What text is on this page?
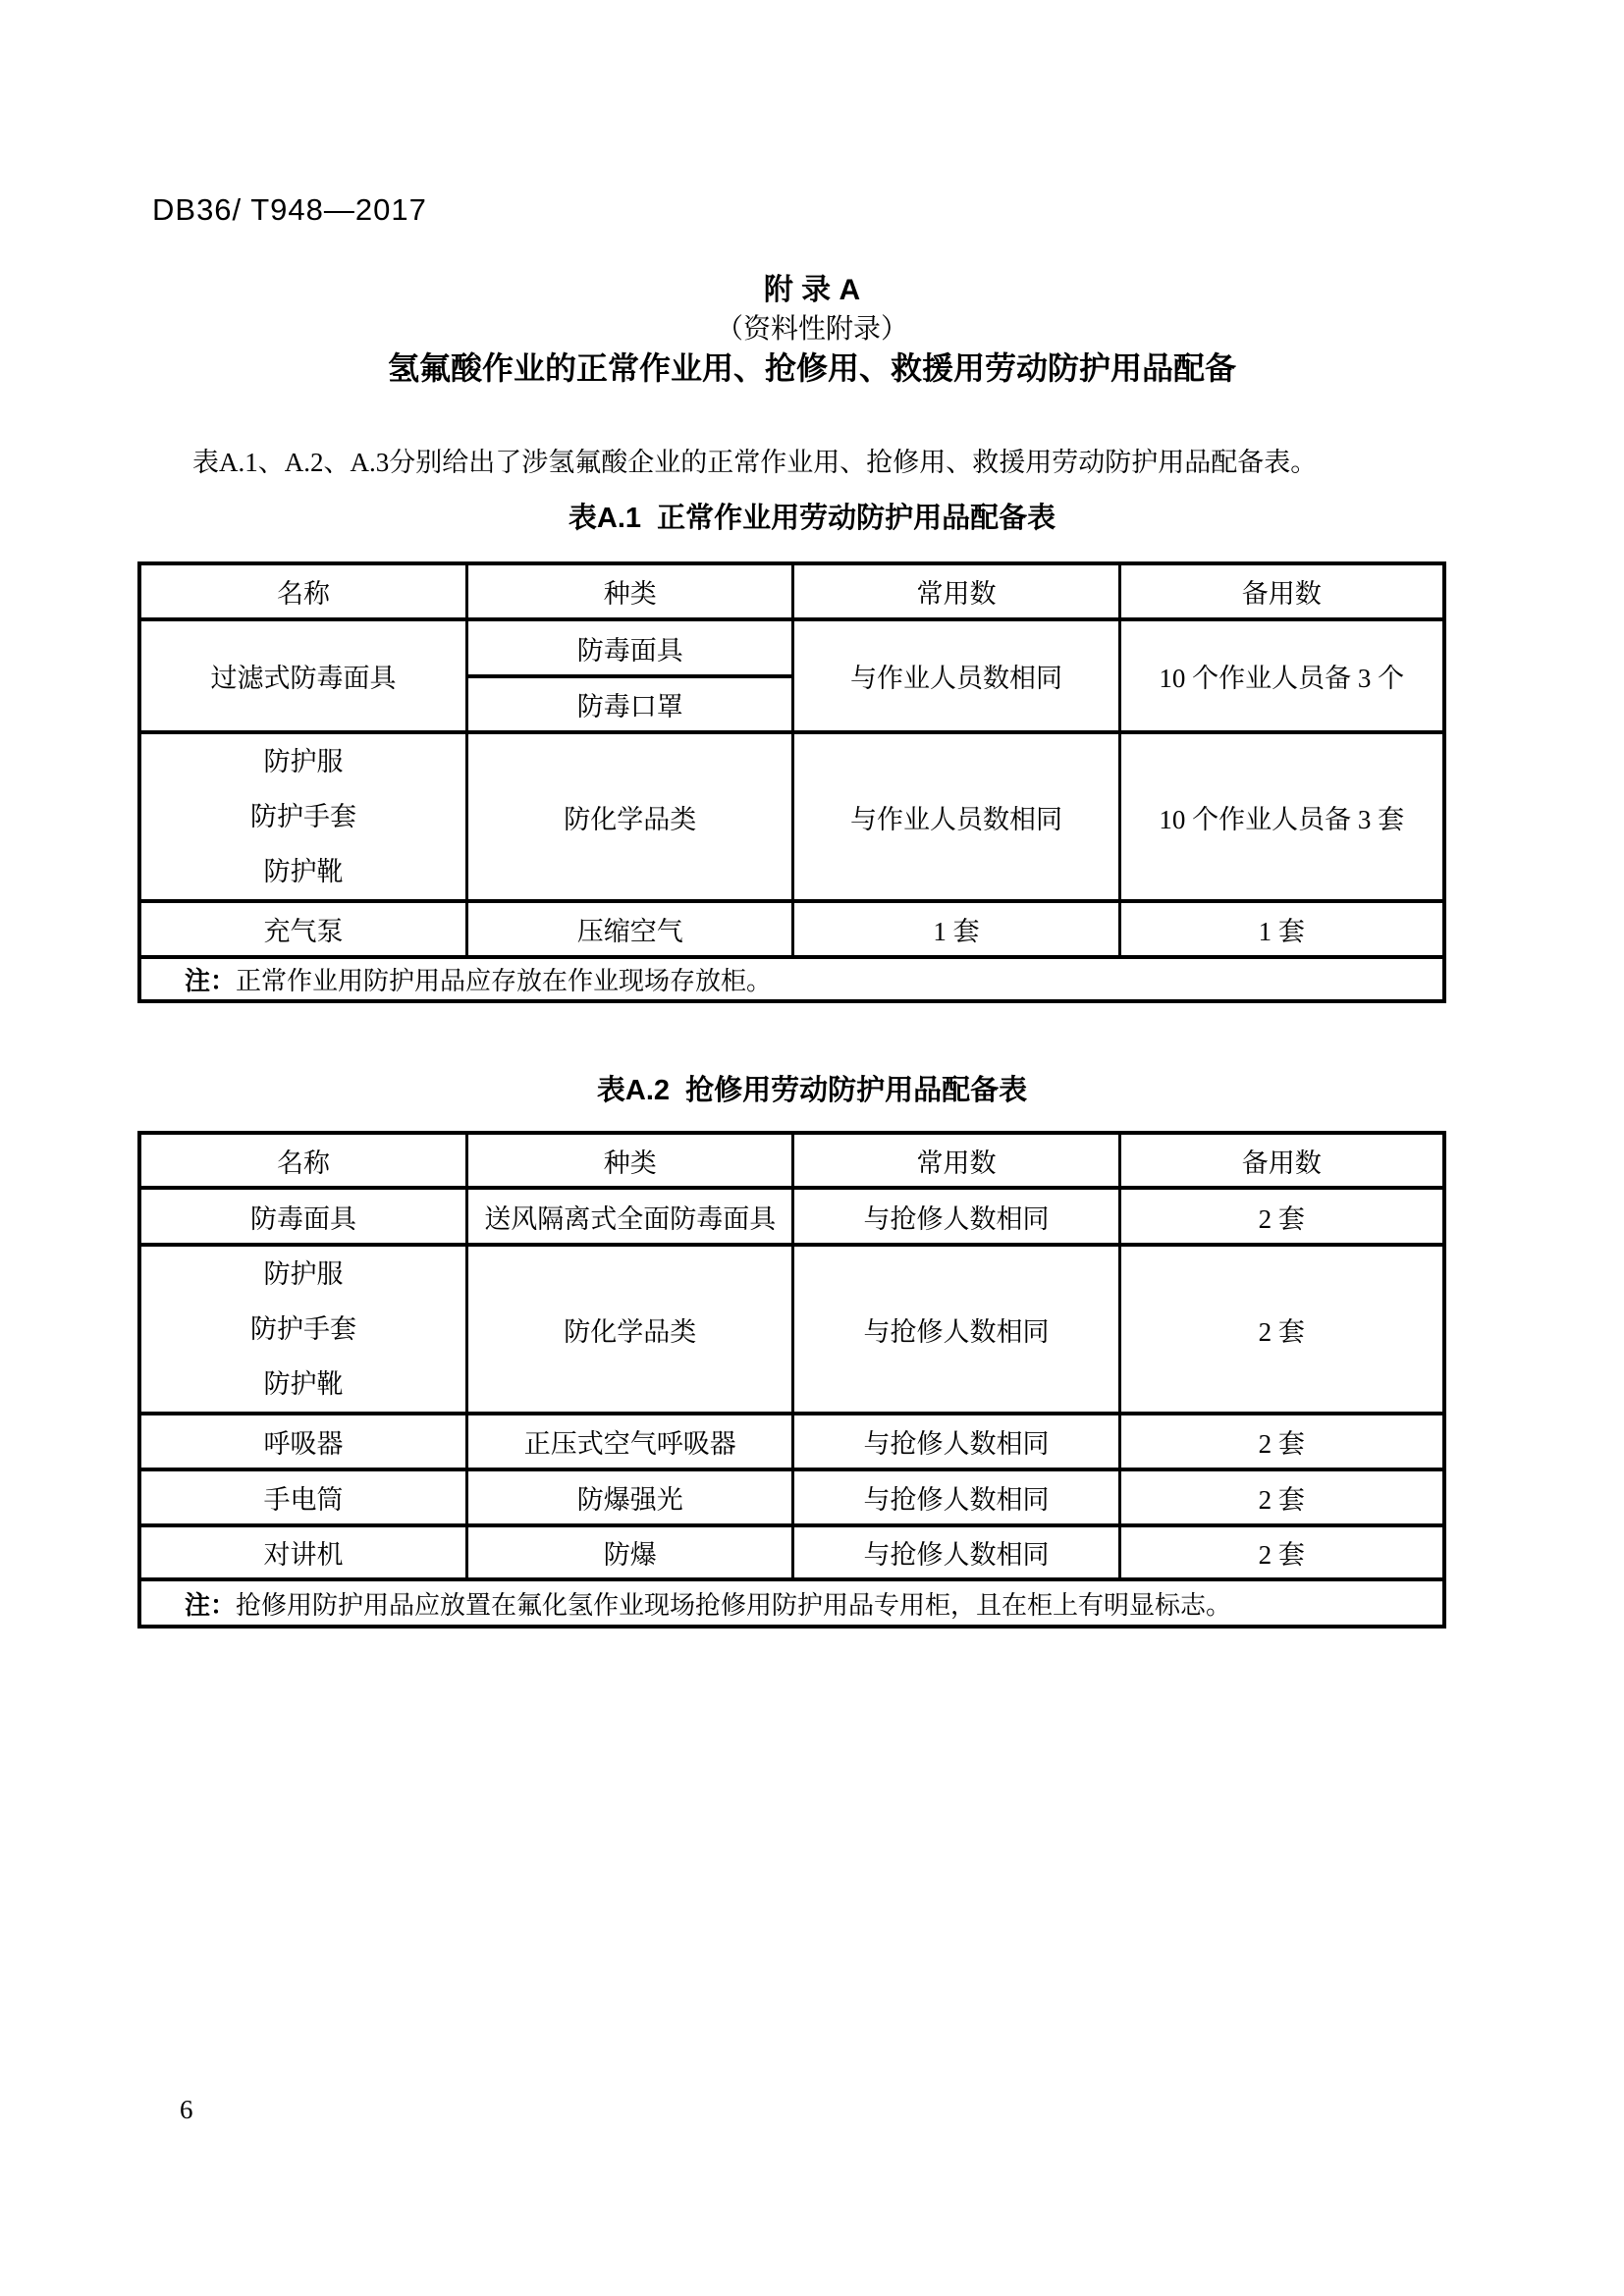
DB36/ T948—2017
附 录 A
（资料性附录）
氢氟酸作业的正常作业用、抢修用、救援用劳动防护用品配备

表A.1、A.2、A.3分别给出了涉氢氟酸企业的正常作业用、抢修用、救援用劳动防护用品配备表。

表A.1  正常作业用劳动防护用品配备表
名称	种类	常用数	备用数
过滤式防毒面具	防毒面具	与作业人员数相同	10 个作业人员备 3 个
	防毒口罩		

防护服
防护手套
防护靴	防化学品类	与作业人员数相同	10 个作业人员备 3 套
充气泵	压缩空气	1 套	1 套
注：正常作业用防护用品应存放在作业现场存放柜。			
表A.2  抢修用劳动防护用品配备表
名称	种类	常用数	备用数
防毒面具	送风隔离式全面防毒面具	与抢修人数相同	2 套

防护服
防护手套
防护靴	防化学品类	与抢修人数相同	2 套
呼吸器	正压式空气呼吸器	与抢修人数相同	2 套
手电筒	防爆强光	与抢修人数相同	2 套
对讲机	防爆	与抢修人数相同	2 套
注：抢修用防护用品应放置在氟化氢作业现场抢修用防护用品专用柜，且在柜上有明显标志。			
6
